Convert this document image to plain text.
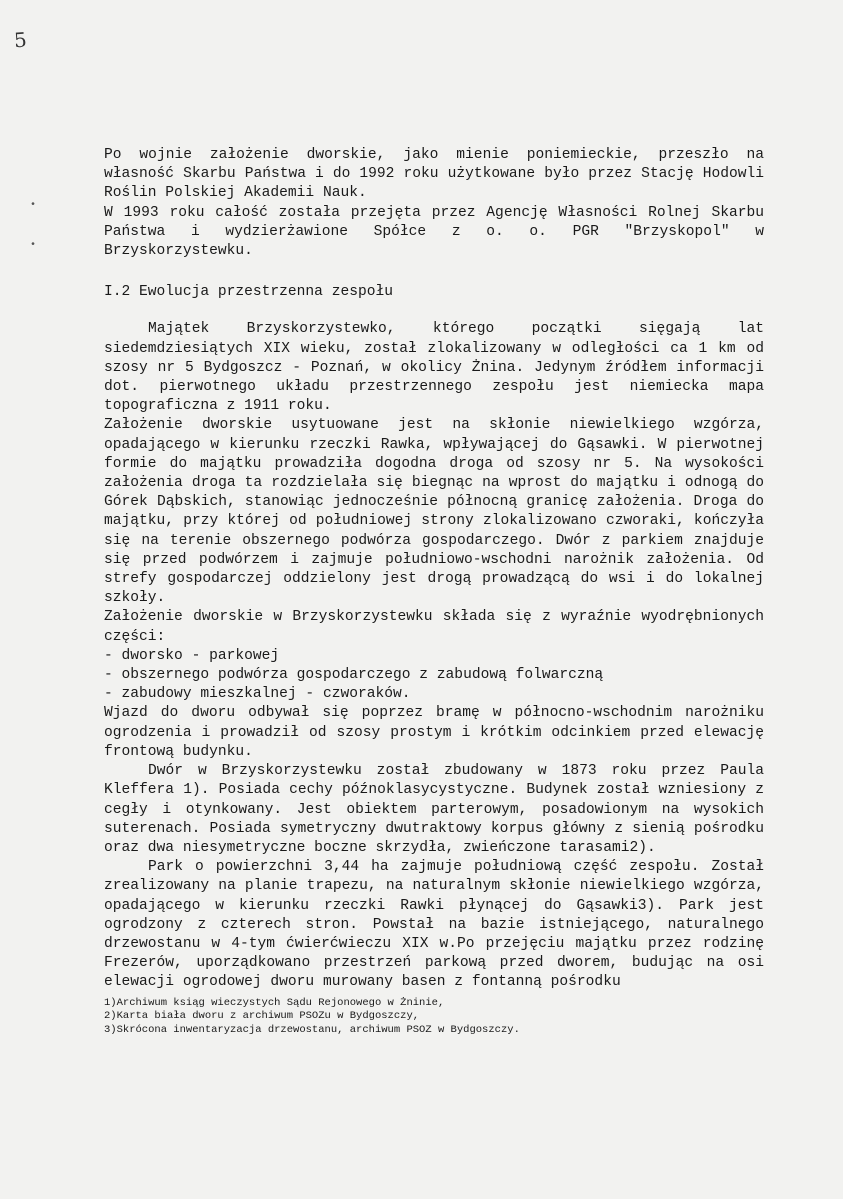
5
•
•

Po wojnie założenie dworskie, jako mienie poniemieckie, przeszło na własność Skarbu Państwa i do 1992 roku użytkowane było przez Stację Hodowli Roślin Polskiej Akademii Nauk.

W 1993 roku całość została przejęta przez Agencję Własności Rolnej Skarbu Państwa i wydzierżawione Spółce z o. o. PGR "Brzyskopol" w Brzyskorzystewku.

I.2 Ewolucja przestrzenna zespołu

Majątek Brzyskorzystewko, którego początki sięgają lat siedemdziesiątych XIX wieku, został zlokalizowany w odległości ca 1 km od szosy nr 5 Bydgoszcz - Poznań, w okolicy Żnina. Jedynym źródłem informacji dot. pierwotnego układu przestrzennego zespołu jest niemiecka mapa topograficzna z 1911 roku.

Założenie dworskie usytuowane jest na skłonie niewielkiego wzgórza, opadającego w kierunku rzeczki Rawka, wpływającej do Gąsawki. W pierwotnej formie do majątku prowadziła dogodna droga od szosy nr 5. Na wysokości założenia droga ta rozdzielała się biegnąc na wprost do majątku i odnogą do Górek Dąbskich, stanowiąc jednocześnie północną granicę założenia. Droga do majątku, przy której od południowej strony zlokalizowano czworaki, kończyła się na terenie obszernego podwórza gospodarczego. Dwór z parkiem znajduje się przed podwórzem i zajmuje południowo-wschodni narożnik założenia. Od strefy gospodarczej oddzielony jest drogą prowadzącą do wsi i do lokalnej szkoły.

Założenie dworskie w Brzyskorzystewku składa się z wyraźnie wyodrębnionych części:

- dworsko - parkowej

- obszernego podwórza gospodarczego z zabudową folwarczną

- zabudowy mieszkalnej - czworaków.

Wjazd do dworu odbywał się poprzez bramę w północno-wschodnim narożniku ogrodzenia i prowadził od szosy prostym i krótkim odcinkiem przed elewację frontową budynku.

Dwór w Brzyskorzystewku został zbudowany w 1873 roku przez Paula Kleffera 1). Posiada cechy późnoklasycystyczne. Budynek został wzniesiony z cegły i otynkowany. Jest obiektem parterowym, posadowionym na wysokich suterenach. Posiada symetryczny dwutraktowy korpus główny z sienią pośrodku oraz dwa niesymetryczne boczne skrzydła, zwieńczone tarasami2).

Park o powierzchni 3,44 ha zajmuje południową część zespołu. Został zrealizowany na planie trapezu, na naturalnym skłonie niewielkiego wzgórza, opadającego w kierunku rzeczki Rawki płynącej do Gąsawki3). Park jest ogrodzony z czterech stron. Powstał na bazie istniejącego, naturalnego drzewostanu w 4-tym ćwierćwieczu XIX w.Po przejęciu majątku przez rodzinę Frezerów, uporządkowano przestrzeń parkową przed dworem, budując na osi elewacji ogrodowej dworu murowany basen z fontanną pośrodku

1)Archiwum ksiąg wieczystych Sądu Rejonowego w Żninie,

2)Karta biała dworu z archiwum PSOZu w Bydgoszczy,

3)Skrócona inwentaryzacja drzewostanu, archiwum PSOZ w Bydgoszczy.
